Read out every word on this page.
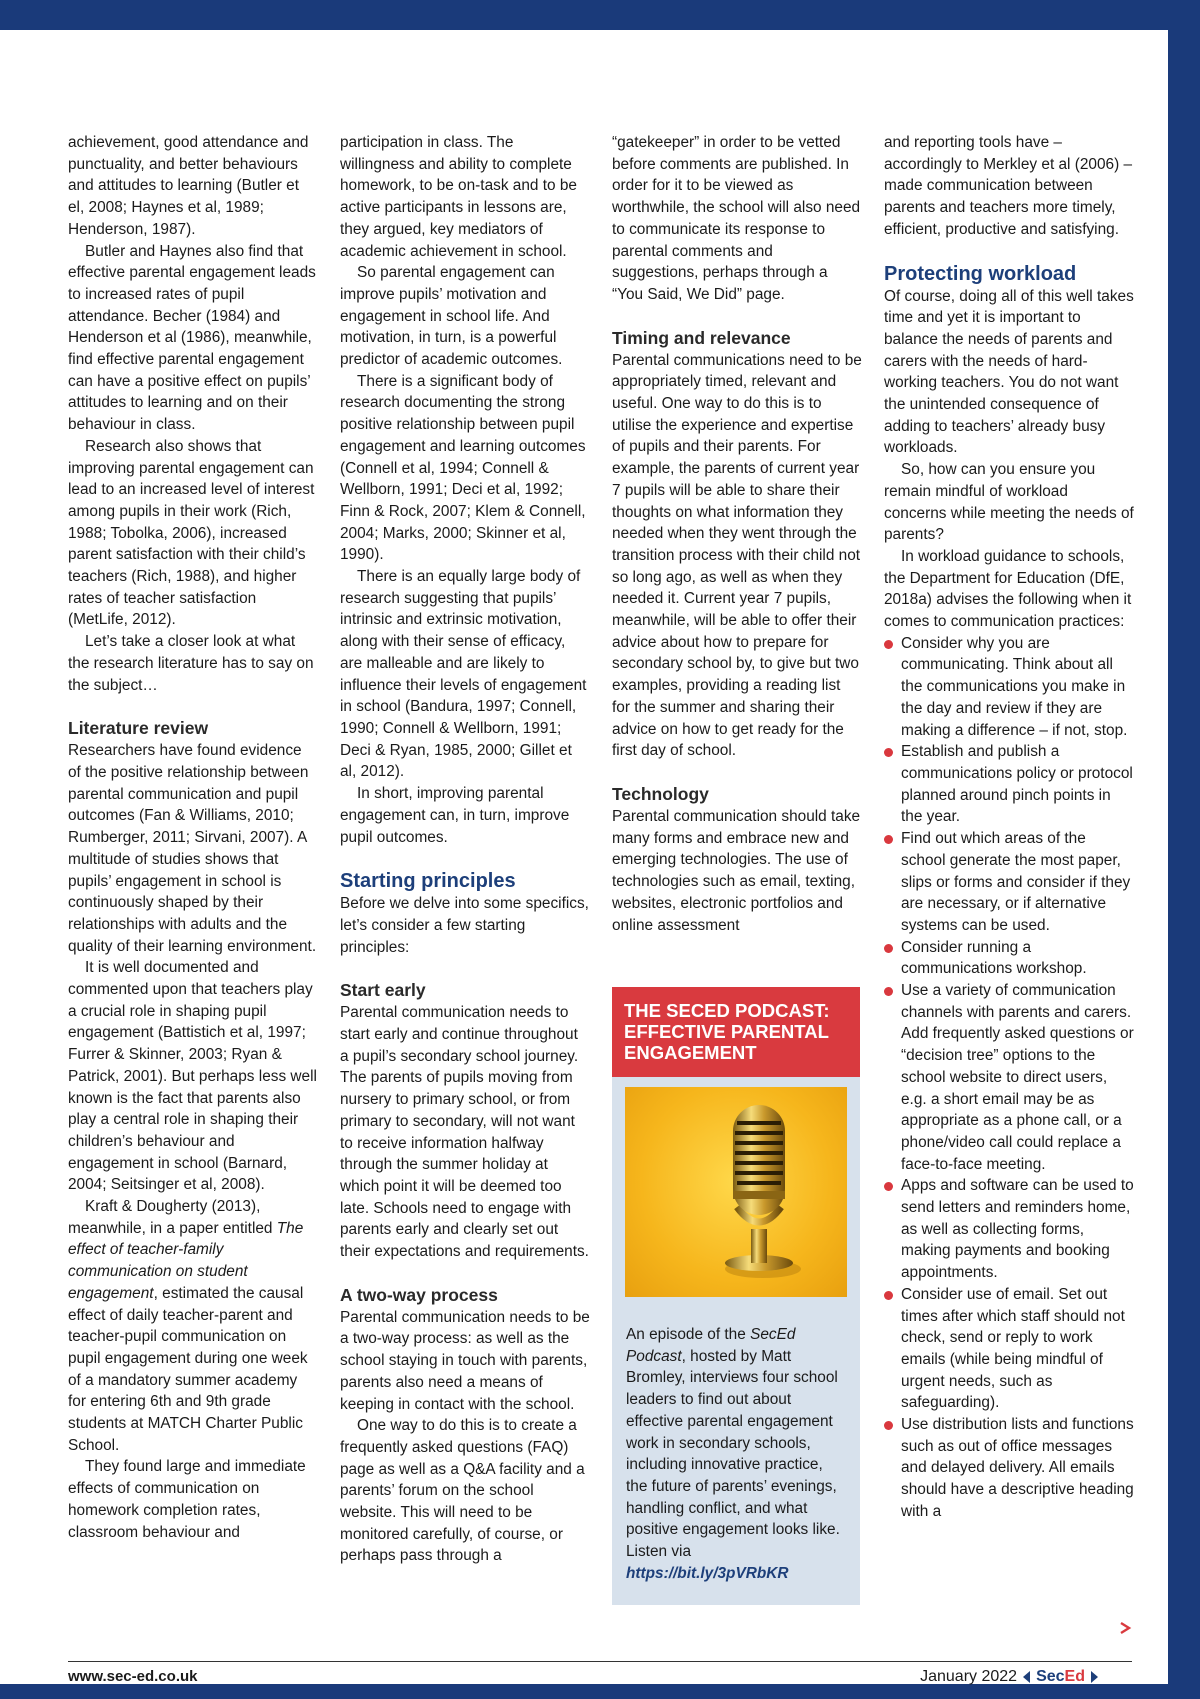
achievement, good attendance and punctuality, and better behaviours and attitudes to learning (Butler et el, 2008; Haynes et al, 1989; Henderson, 1987).

Butler and Haynes also find that effective parental engagement leads to increased rates of pupil attendance. Becher (1984) and Henderson et al (1986), meanwhile, find effective parental engagement can have a positive effect on pupils’ attitudes to learning and on their behaviour in class.

Research also shows that improving parental engagement can lead to an increased level of interest among pupils in their work (Rich, 1988; Tobolka, 2006), increased parent satisfaction with their child’s teachers (Rich, 1988), and higher rates of teacher satisfaction (MetLife, 2012).

Let’s take a closer look at what the research literature has to say on the subject…

Literature review

Researchers have found evidence of the positive relationship between parental communication and pupil outcomes (Fan & Williams, 2010; Rumberger, 2011; Sirvani, 2007). A multitude of studies shows that pupils’ engagement in school is continuously shaped by their relationships with adults and the quality of their learning environment.

It is well documented and commented upon that teachers play a crucial role in shaping pupil engagement (Battistich et al, 1997; Furrer & Skinner, 2003; Ryan & Patrick, 2001). But perhaps less well known is the fact that parents also play a central role in shaping their children’s behaviour and engagement in school (Barnard, 2004; Seitsinger et al, 2008).

Kraft & Dougherty (2013), meanwhile, in a paper entitled The effect of teacher-family communication on student engagement, estimated the causal effect of daily teacher-parent and teacher-pupil communication on pupil engagement during one week of a mandatory summer academy for entering 6th and 9th grade students at MATCH Charter Public School.

They found large and immediate effects of communication on homework completion rates, classroom behaviour and

participation in class. The willingness and ability to complete homework, to be on-task and to be active participants in lessons are, they argued, key mediators of academic achievement in school.

So parental engagement can improve pupils’ motivation and engagement in school life. And motivation, in turn, is a powerful predictor of academic outcomes.

There is a significant body of research documenting the strong positive relationship between pupil engagement and learning outcomes (Connell et al, 1994; Connell & Wellborn, 1991; Deci et al, 1992; Finn & Rock, 2007; Klem & Connell, 2004; Marks, 2000; Skinner et al, 1990).

There is an equally large body of research suggesting that pupils’ intrinsic and extrinsic motivation, along with their sense of efficacy, are malleable and are likely to influence their levels of engagement in school (Bandura, 1997; Connell, 1990; Connell & Wellborn, 1991; Deci & Ryan, 1985, 2000; Gillet et al, 2012).

In short, improving parental engagement can, in turn, improve pupil outcomes.

Starting principles

Before we delve into some specifics, let’s consider a few starting principles:

Start early

Parental communication needs to start early and continue throughout a pupil’s secondary school journey. The parents of pupils moving from nursery to primary school, or from primary to secondary, will not want to receive information halfway through the summer holiday at which point it will be deemed too late. Schools need to engage with parents early and clearly set out their expectations and requirements.

A two-way process

Parental communication needs to be a two-way process: as well as the school staying in touch with parents, parents also need a means of keeping in contact with the school.

One way to do this is to create a frequently asked questions (FAQ) page as well as a Q&A facility and a parents’ forum on the school website. This will need to be monitored carefully, of course, or perhaps pass through a

“gatekeeper” in order to be vetted before comments are published. In order for it to be viewed as worthwhile, the school will also need to communicate its response to parental comments and suggestions, perhaps through a “You Said, We Did” page.

Timing and relevance

Parental communications need to be appropriately timed, relevant and useful. One way to do this is to utilise the experience and expertise of pupils and their parents. For example, the parents of current year 7 pupils will be able to share their thoughts on what information they needed when they went through the transition process with their child not so long ago, as well as when they needed it. Current year 7 pupils, meanwhile, will be able to offer their advice about how to prepare for secondary school by, to give but two examples, providing a reading list for the summer and sharing their advice on how to get ready for the first day of school.

Technology

Parental communication should take many forms and embrace new and emerging technologies. The use of technologies such as email, texting, websites, electronic portfolios and online assessment

THE SECED PODCAST: EFFECTIVE PARENTAL ENGAGEMENT
An episode of the SecEd Podcast, hosted by Matt Bromley, interviews four school leaders to find out about effective parental engagement work in secondary schools, including innovative practice, the future of parents’ evenings, handling conflict, and what positive engagement looks like. Listen via https://bit.ly/3pVRbKR

and reporting tools have – accordingly to Merkley et al (2006) – made communication between parents and teachers more timely, efficient, productive and satisfying.

Protecting workload

Of course, doing all of this well takes time and yet it is important to balance the needs of parents and carers with the needs of hard-working teachers. You do not want the unintended consequence of adding to teachers’ already busy workloads.

So, how can you ensure you remain mindful of workload concerns while meeting the needs of parents?

In workload guidance to schools, the Department for Education (DfE, 2018a) advises the following when it comes to communication practices:

Consider why you are communicating. Think about all the communications you make in the day and review if they are making a difference – if not, stop.
Establish and publish a communications policy or protocol planned around pinch points in the year.
Find out which areas of the school generate the most paper, slips or forms and consider if they are necessary, or if alternative systems can be used.
Consider running a communications workshop.
Use a variety of communication channels with parents and carers. Add frequently asked questions or “decision tree” options to the school website to direct users, e.g. a short email may be as appropriate as a phone call, or a phone/video call could replace a face-to-face meeting.
Apps and software can be used to send letters and reminders home, as well as collecting forms, making payments and booking appointments.
Consider use of email. Set out times after which staff should not check, send or reply to work emails (while being mindful of urgent needs, such as safeguarding).
Use distribution lists and functions such as out of office messages and delayed delivery. All emails should have a descriptive heading with a
www.sec-ed.co.uk	January 2022 SecEd
